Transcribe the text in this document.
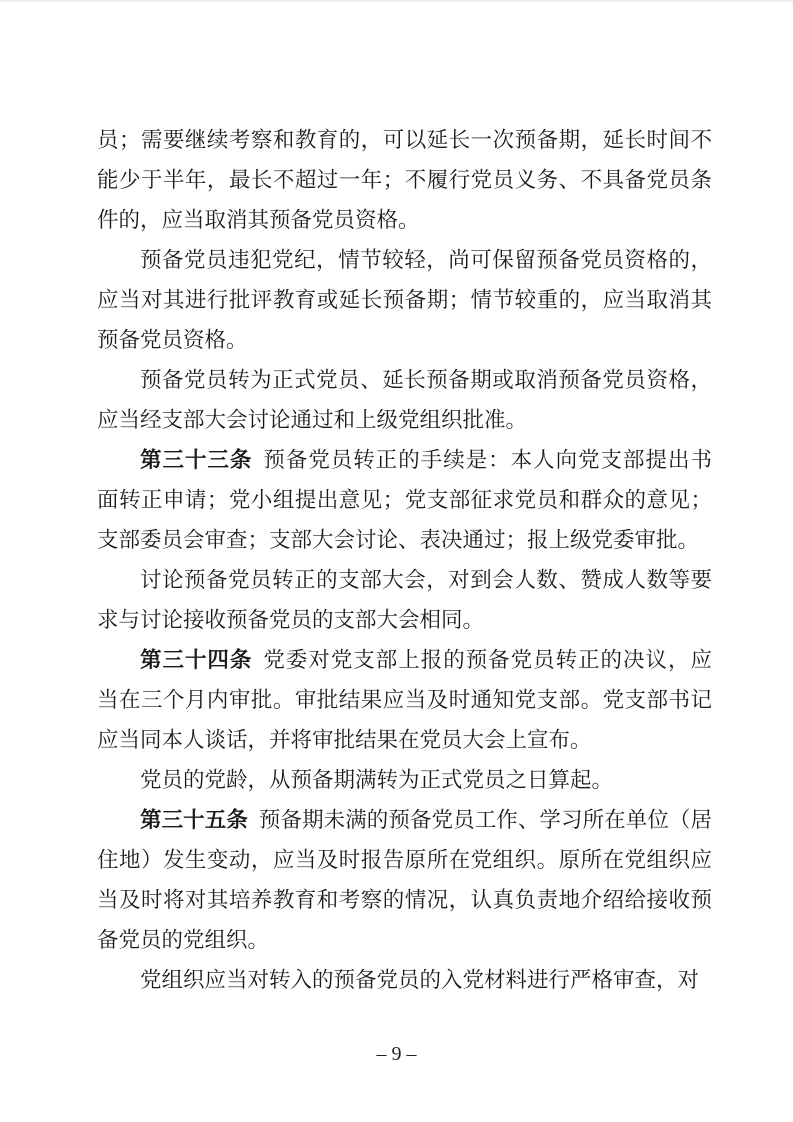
员；需要继续考察和教育的，可以延长一次预备期，延长时间不
能少于半年，最长不超过一年；不履行党员义务、不具备党员条
件的，应当取消其预备党员资格。
预备党员违犯党纪，情节较轻，尚可保留预备党员资格的，
应当对其进行批评教育或延长预备期；情节较重的，应当取消其
预备党员资格。
预备党员转为正式党员、延长预备期或取消预备党员资格，
应当经支部大会讨论通过和上级党组织批准。
第三十三条 预备党员转正的手续是：本人向党支部提出书
面转正申请；党小组提出意见；党支部征求党员和群众的意见；
支部委员会审查；支部大会讨论、表决通过；报上级党委审批。
讨论预备党员转正的支部大会，对到会人数、赞成人数等要
求与讨论接收预备党员的支部大会相同。
第三十四条 党委对党支部上报的预备党员转正的决议，应
当在三个月内审批。审批结果应当及时通知党支部。党支部书记
应当同本人谈话，并将审批结果在党员大会上宣布。
党员的党龄，从预备期满转为正式党员之日算起。
第三十五条 预备期未满的预备党员工作、学习所在单位（居
住地）发生变动，应当及时报告原所在党组织。原所在党组织应
当及时将对其培养教育和考察的情况，认真负责地介绍给接收预
备党员的党组织。
党组织应当对转入的预备党员的入党材料进行严格审查，对
– 9 –
